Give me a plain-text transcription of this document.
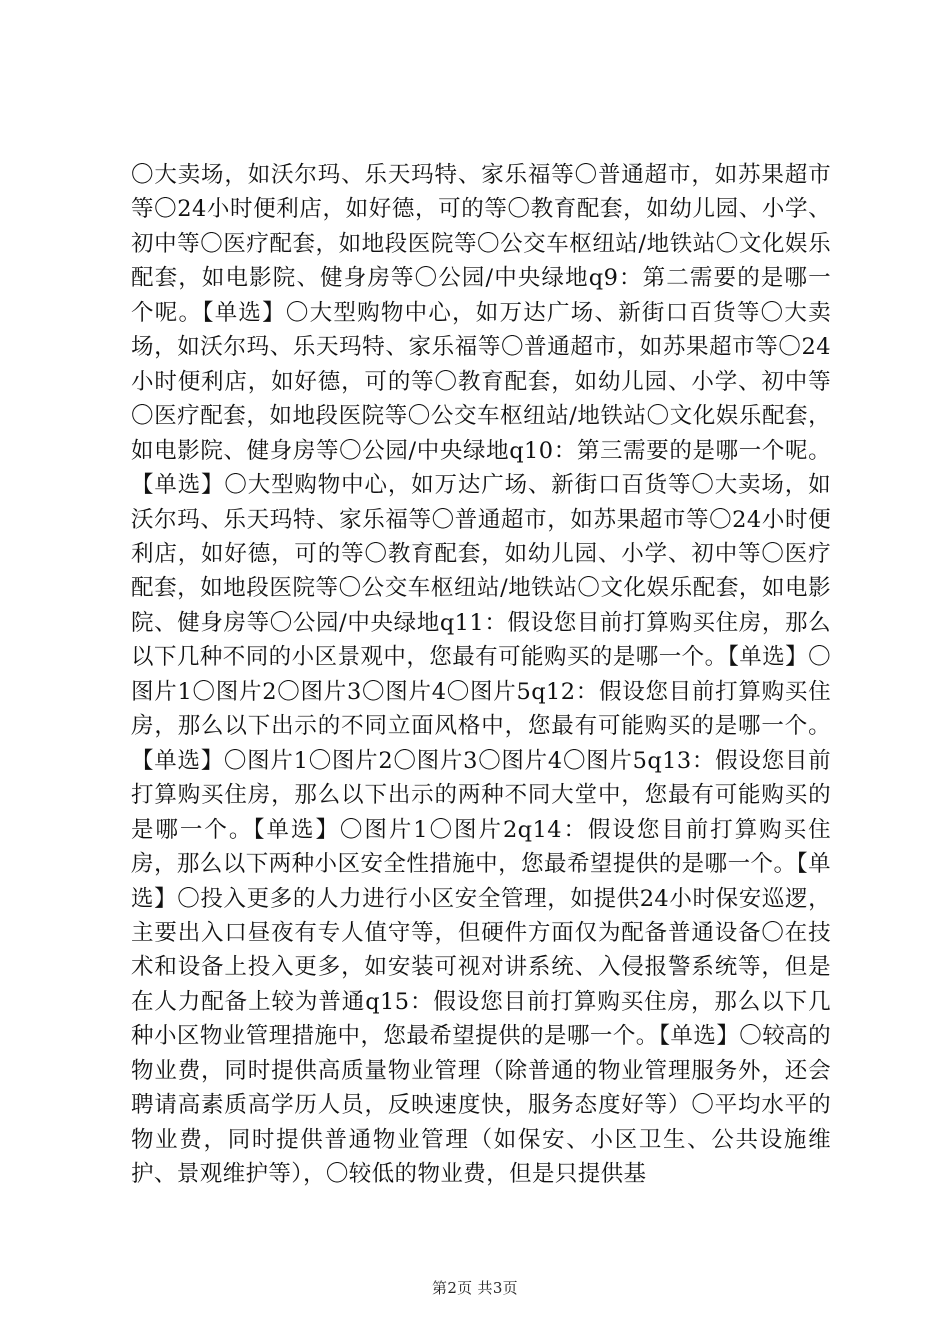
〇大卖场，如沃尔玛、乐天玛特、家乐福等〇普通超市，如苏果超市等〇24小时便利店，如好德，可的等〇教育配套，如幼儿园、小学、初中等〇医疗配套，如地段医院等〇公交车枢纽站/地铁站〇文化娱乐配套，如电影院、健身房等〇公园/中央绿地q9：第二需要的是哪一个呢。【单选】〇大型购物中心，如万达广场、新街口百货等〇大卖场，如沃尔玛、乐天玛特、家乐福等〇普通超市，如苏果超市等〇24小时便利店，如好德，可的等〇教育配套，如幼儿园、小学、初中等〇医疗配套，如地段医院等〇公交车枢纽站/地铁站〇文化娱乐配套，如电影院、健身房等〇公园/中央绿地q10：第三需要的是哪一个呢。【单选】〇大型购物中心，如万达广场、新街口百货等〇大卖场，如沃尔玛、乐天玛特、家乐福等〇普通超市，如苏果超市等〇24小时便利店，如好德，可的等〇教育配套，如幼儿园、小学、初中等〇医疗配套，如地段医院等〇公交车枢纽站/地铁站〇文化娱乐配套，如电影院、健身房等〇公园/中央绿地q11：假设您目前打算购买住房，那么以下几种不同的小区景观中，您最有可能购买的是哪一个。【单选】〇图片1〇图片2〇图片3〇图片4〇图片5q12：假设您目前打算购买住房，那么以下出示的不同立面风格中，您最有可能购买的是哪一个。【单选】〇图片1〇图片2〇图片3〇图片4〇图片5q13：假设您目前打算购买住房，那么以下出示的两种不同大堂中，您最有可能购买的是哪一个。【单选】〇图片1〇图片2q14：假设您目前打算购买住房，那么以下两种小区安全性措施中，您最希望提供的是哪一个。【单选】〇投入更多的人力进行小区安全管理，如提供24小时保安巡逻，主要出入口昼夜有专人值守等，但硬件方面仅为配备普通设备〇在技术和设备上投入更多，如安装可视对讲系统、入侵报警系统等，但是在人力配备上较为普通q15：假设您目前打算购买住房，那么以下几种小区物业管理措施中，您最希望提供的是哪一个。【单选】〇较高的物业费，同时提供高质量物业管理（除普通的物业管理服务外，还会聘请高素质高学历人员，反映速度快，服务态度好等）〇平均水平的物业费，同时提供普通物业管理（如保安、小区卫生、公共设施维护、景观维护等），〇较低的物业费，但是只提供基
第2页 共3页
